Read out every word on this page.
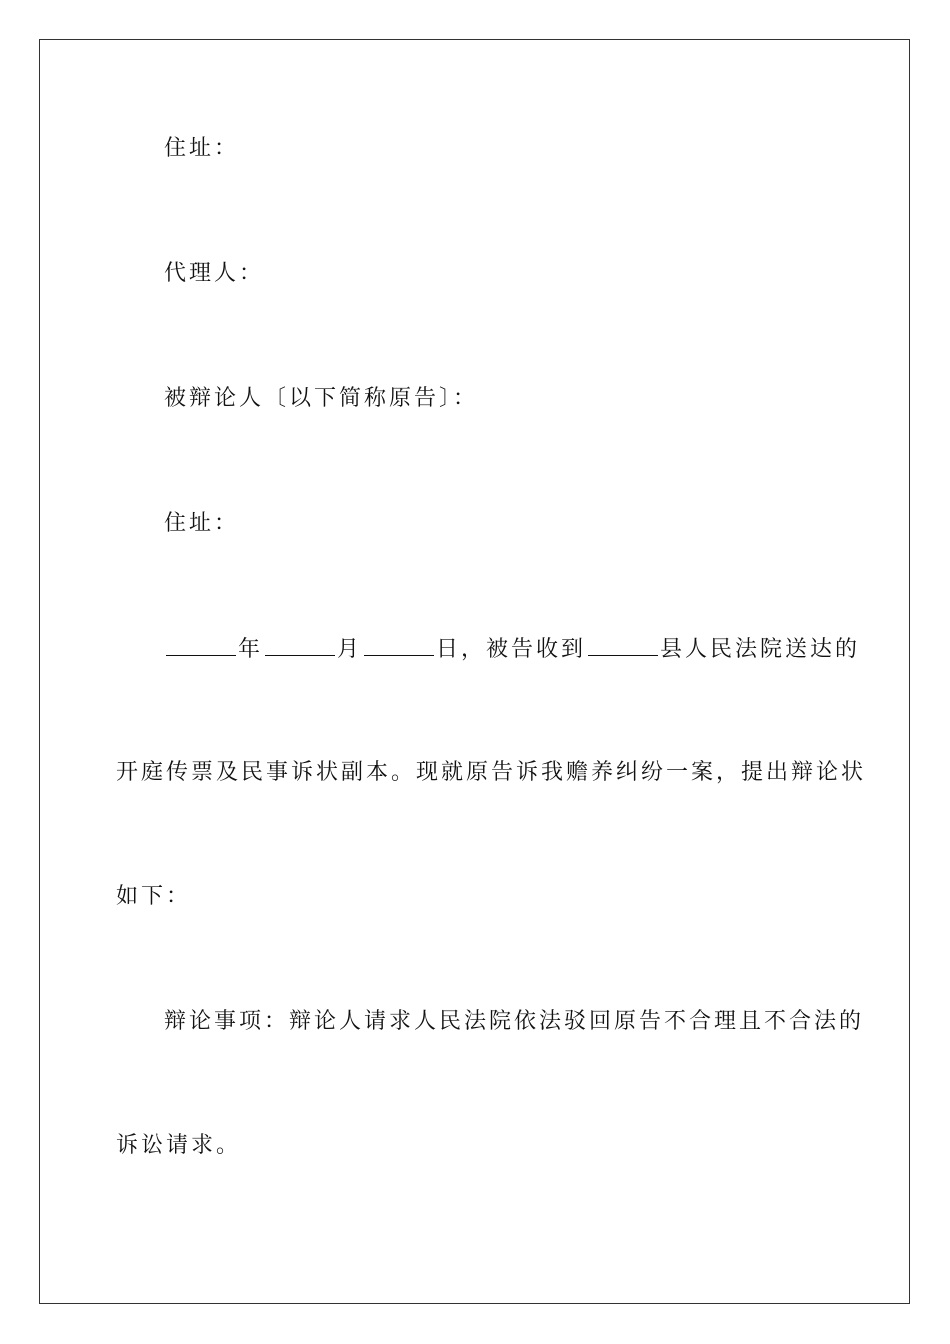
住址：
代理人：
被辩论人〔以下简称原告〕：
住址：
年	月	日，被告收到	县人民法院送达的
开庭传票及民事诉状副本。现就原告诉我赡养纠纷一案，提出辩论状
如下：
辩论事项：辩论人请求人民法院依法驳回原告不合理且不合法的
诉讼请求。
